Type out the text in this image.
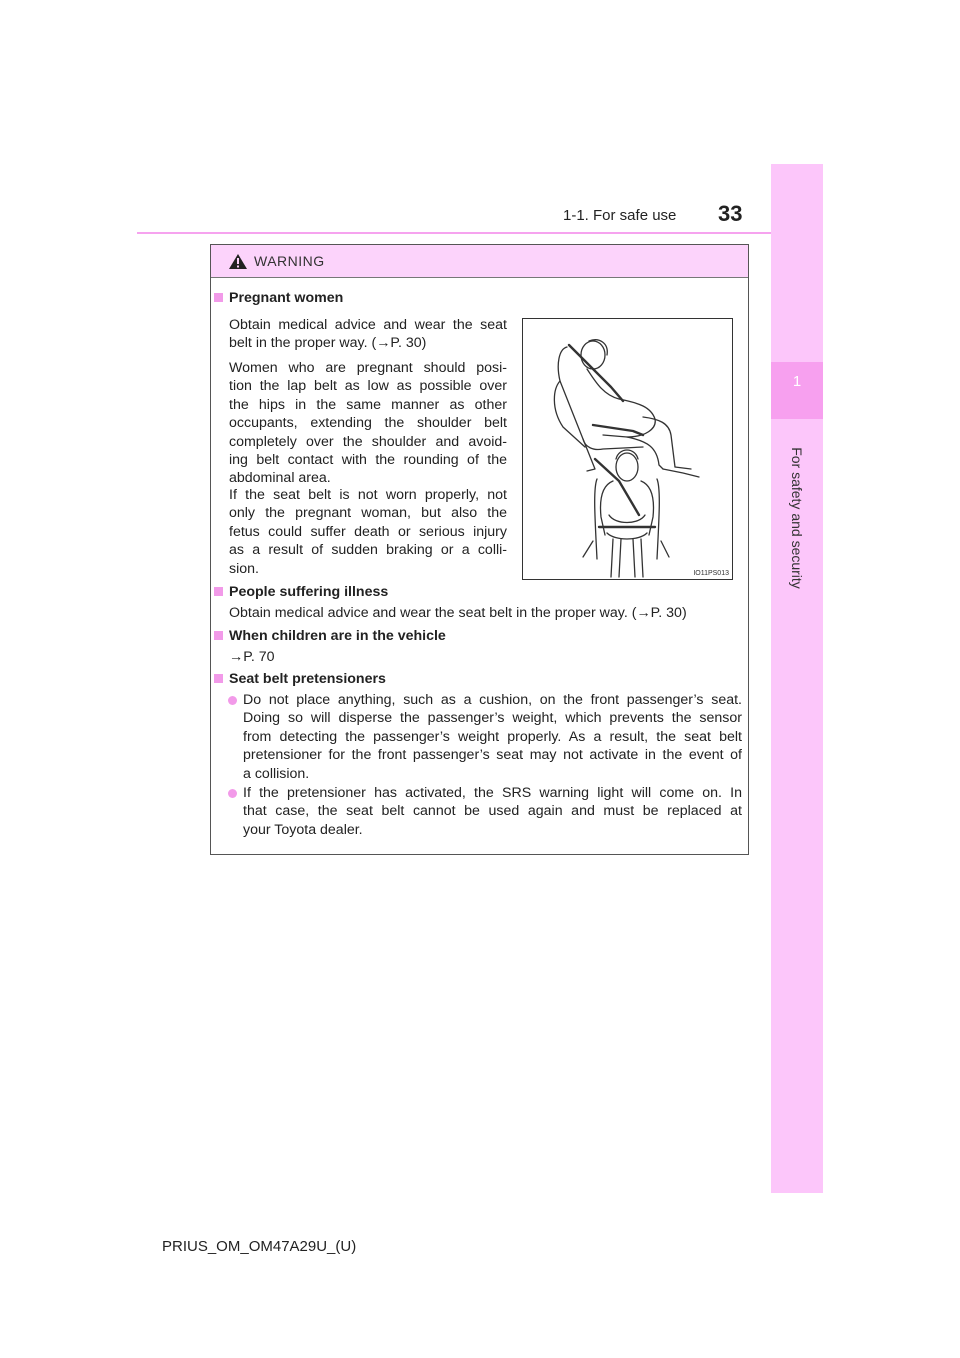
1-1. For safe use 33
1
For safety and security
WARNING
Pregnant women
Obtain medical advice and wear the seat
belt in the proper way. (→P. 30)
Women who are pregnant should posi-
tion the lap belt as low as possible over
the hips in the same manner as other
occupants, extending the shoulder belt
completely over the shoulder and avoid-
ing belt contact with the rounding of the
abdominal area.
If the seat belt is not worn properly, not
only the pregnant woman, but also the
fetus could suffer death or serious injury
as a result of sudden braking or a colli-
sion.	IO11PS013
People suffering illness
Obtain medical advice and wear the seat belt in the proper way. (→P. 30)
When children are in the vehicle
→P. 70
Seat belt pretensioners
Do not place anything, such as a cushion, on the front passenger’s seat.
Doing so will disperse the passenger’s weight, which prevents the sensor
from detecting the passenger’s weight properly. As a result, the seat belt
pretensioner for the front passenger’s seat may not activate in the event of
a collision.
If the pretensioner has activated, the SRS warning light will come on. In
that case, the seat belt cannot be used again and must be replaced at
your Toyota dealer.
PRIUS_OM_OM47A29U_(U)
